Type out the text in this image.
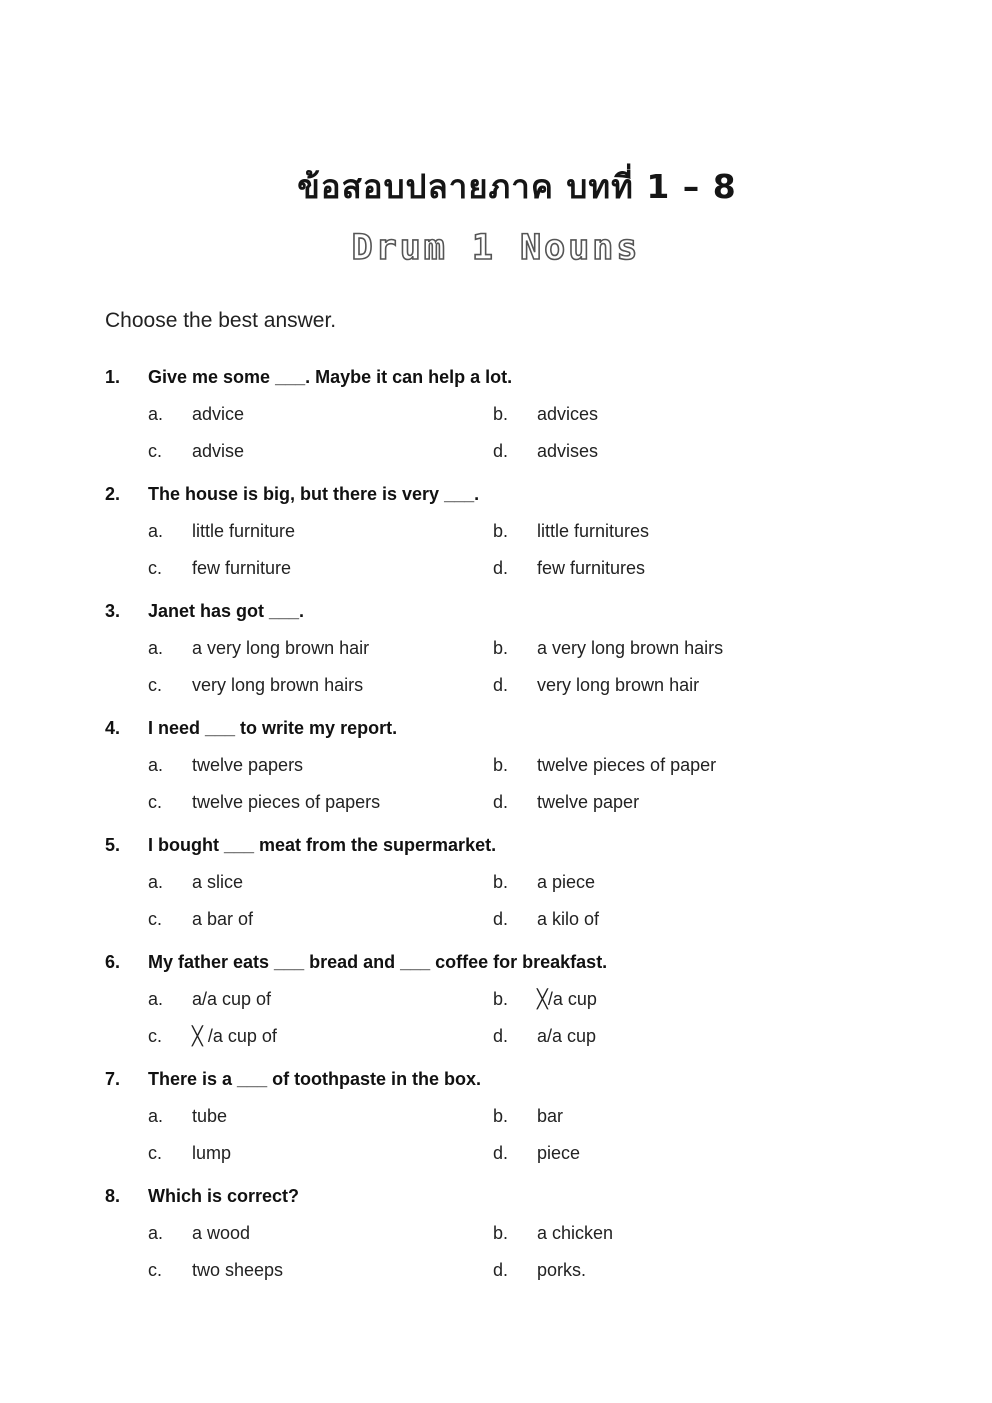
ข้อสอบปลายภาค บทที่ 1 – 8
Drum 1 Nouns
Choose the best answer.
1.	Give me some ___. Maybe it can help a lot.
a. advice	b. advices
c. advise	d. advises
2.	The house is big, but there is very ___.
a. little furniture	b. little furnitures
c. few furniture	d. few furnitures
3.	Janet has got ___.
a. a very long brown hair	b. a very long brown hairs
c. very long brown hairs	d. very long brown hair
4.	I need ___ to write my report.
a. twelve papers	b. twelve pieces of paper
c. twelve pieces of papers	d. twelve paper
5.	I bought ___ meat from the supermarket.
a. a slice	b. a piece
c. a bar of	d. a kilo of
6.	My father eats ___ bread and ___ coffee for breakfast.
a. a/a cup of	b. ╳/a cup
c. ╳ /a cup of	d. a/a cup
7.	There is a ___ of toothpaste in the box.
a. tube	b. bar
c. lump	d. piece
8.	Which is correct?
a. a wood	b. a chicken
c. two sheeps	d. porks.
